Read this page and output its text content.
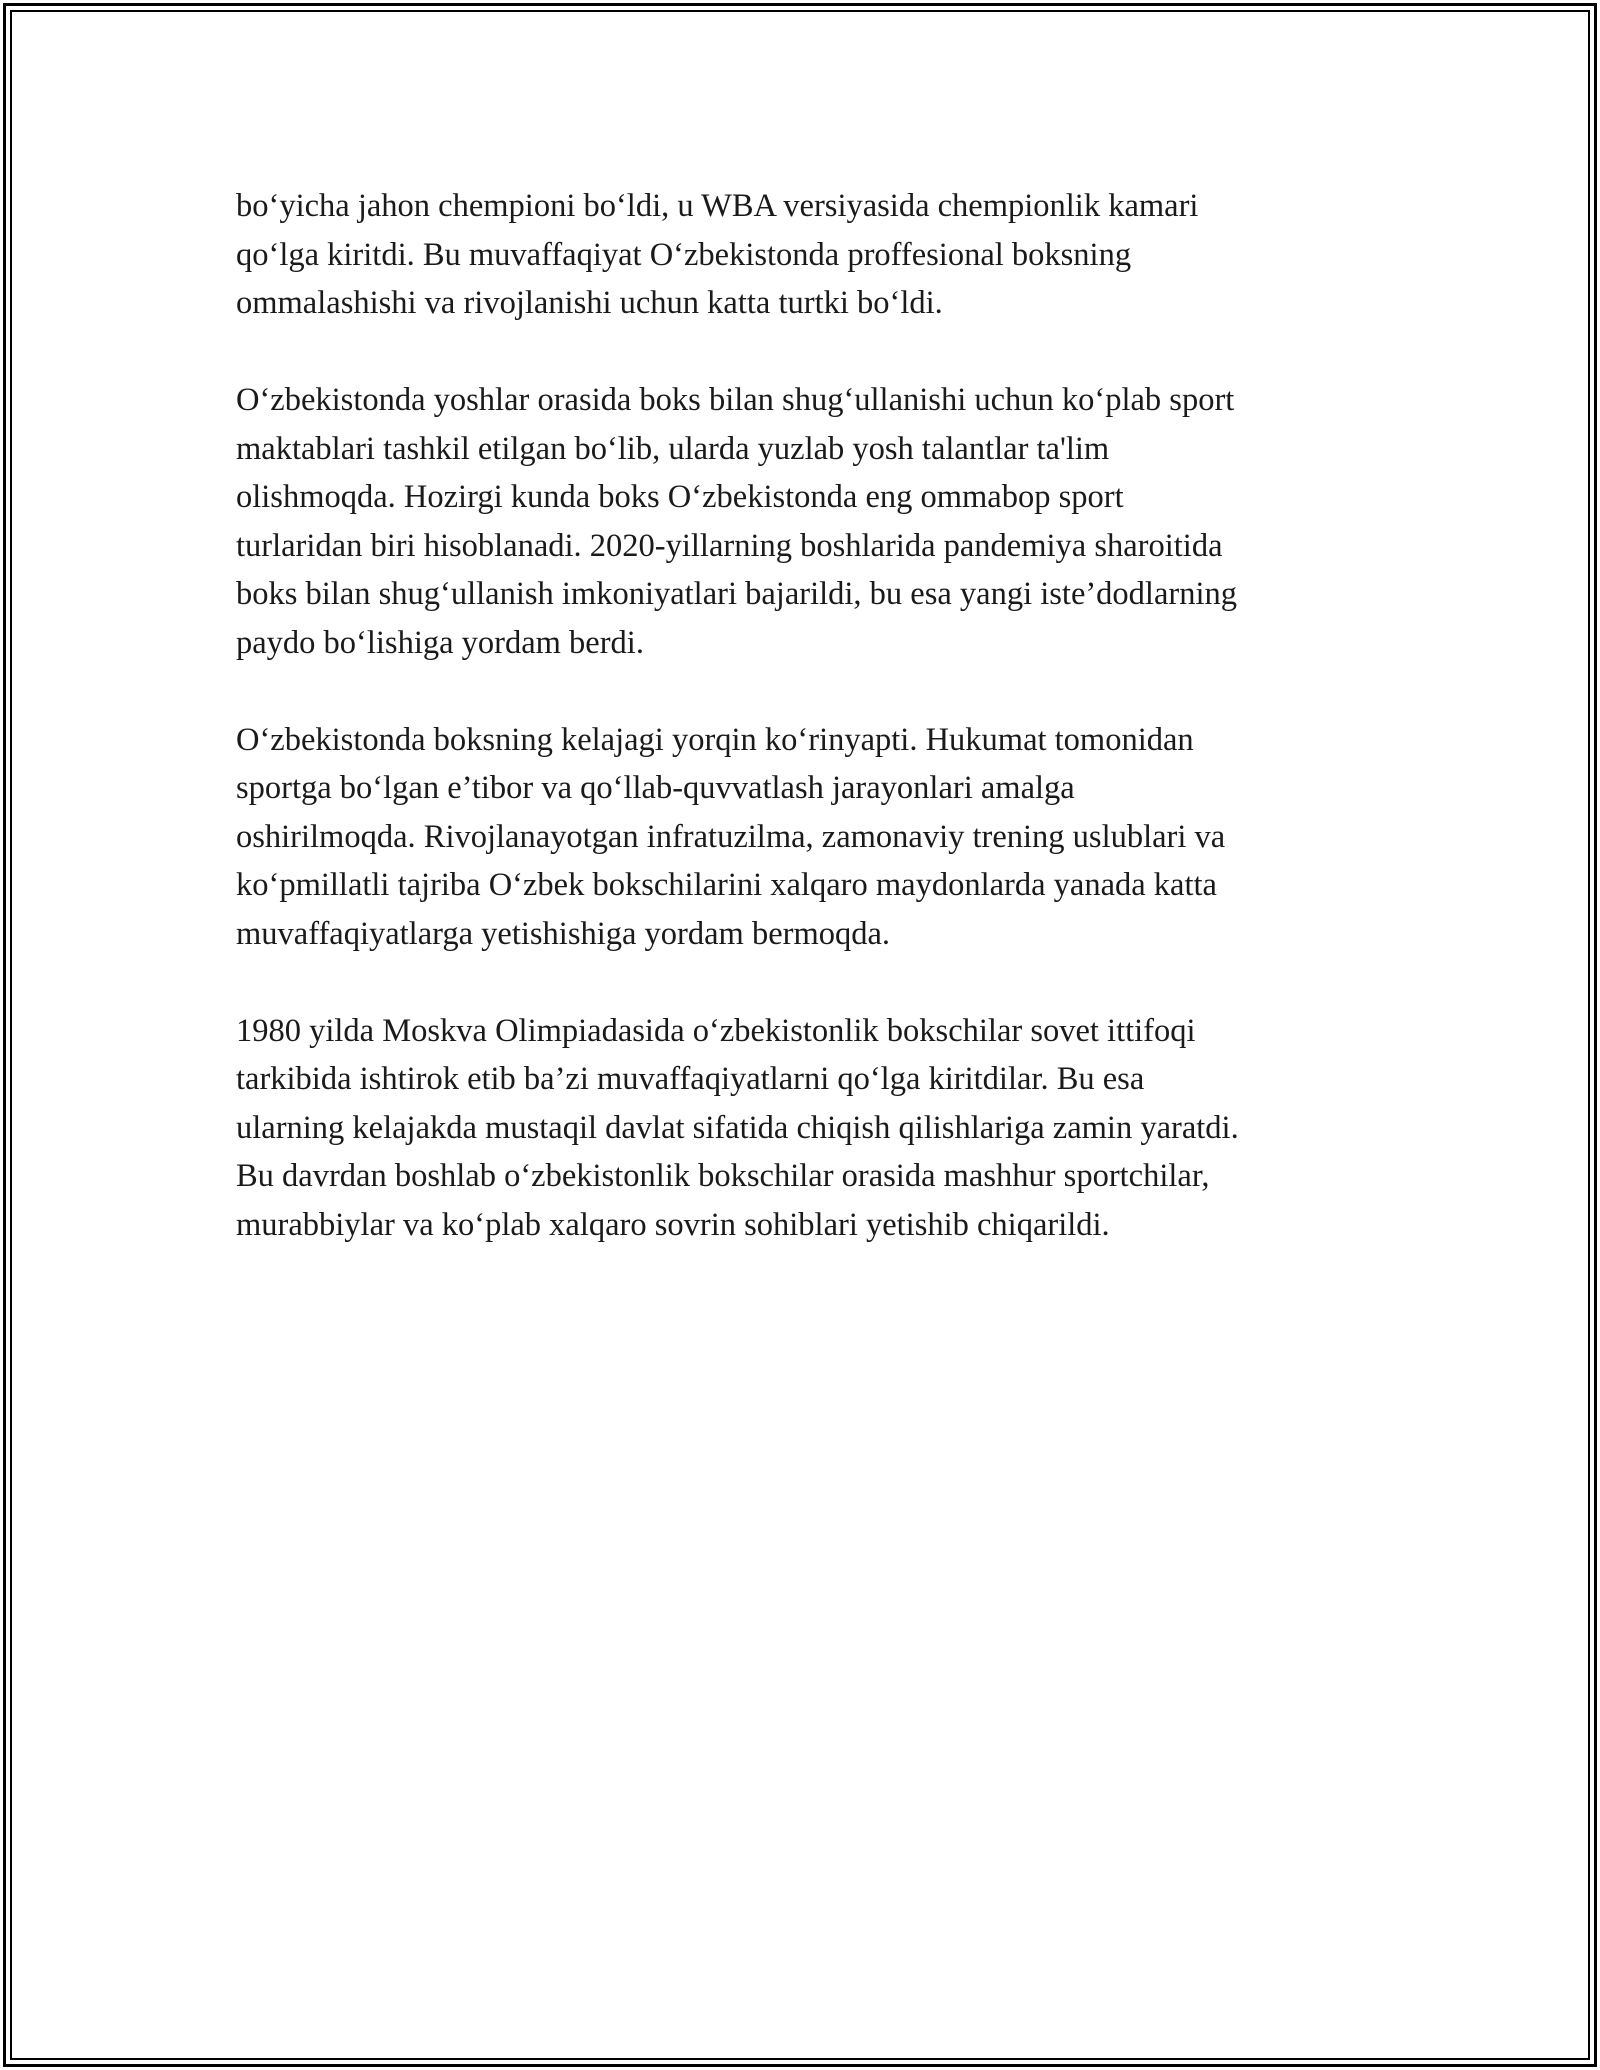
bo‘yicha jahon chempioni bo‘ldi, u WBA versiyasida chempionlik kamari
qo‘lga kiritdi. Bu muvaffaqiyat O‘zbekistonda proffesional boksning
ommalashishi va rivojlanishi uchun katta turtki bo‘ldi.

O‘zbekistonda yoshlar orasida boks bilan shug‘ullanishi uchun ko‘plab sport
maktablari tashkil etilgan bo‘lib, ularda yuzlab yosh talantlar ta'lim
olishmoqda. Hozirgi kunda boks O‘zbekistonda eng ommabop sport
turlaridan biri hisoblanadi. 2020-yillarning boshlarida pandemiya sharoitida
boks bilan shug‘ullanish imkoniyatlari bajarildi, bu esa yangi iste’dodlarning
paydo bo‘lishiga yordam berdi.

O‘zbekistonda boksning kelajagi yorqin ko‘rinyapti. Hukumat tomonidan
sportga bo‘lgan e’tibor va qo‘llab-quvvatlash jarayonlari amalga
oshirilmoqda. Rivojlanayotgan infratuzilma, zamonaviy trening uslublari va
ko‘pmillatli tajriba O‘zbek bokschilarini xalqaro maydonlarda yanada katta
muvaffaqiyatlarga yetishishiga yordam bermoqda.

1980 yilda Moskva Olimpiadasida o‘zbekistonlik bokschilar sovet ittifoqi
tarkibida ishtirok etib ba’zi muvaffaqiyatlarni qo‘lga kiritdilar. Bu esa
ularning kelajakda mustaqil davlat sifatida chiqish qilishlariga zamin yaratdi.
Bu davrdan boshlab o‘zbekistonlik bokschilar orasida mashhur sportchilar,
murabbiylar va ko‘plab xalqaro sovrin sohiblari yetishib chiqarildi.
